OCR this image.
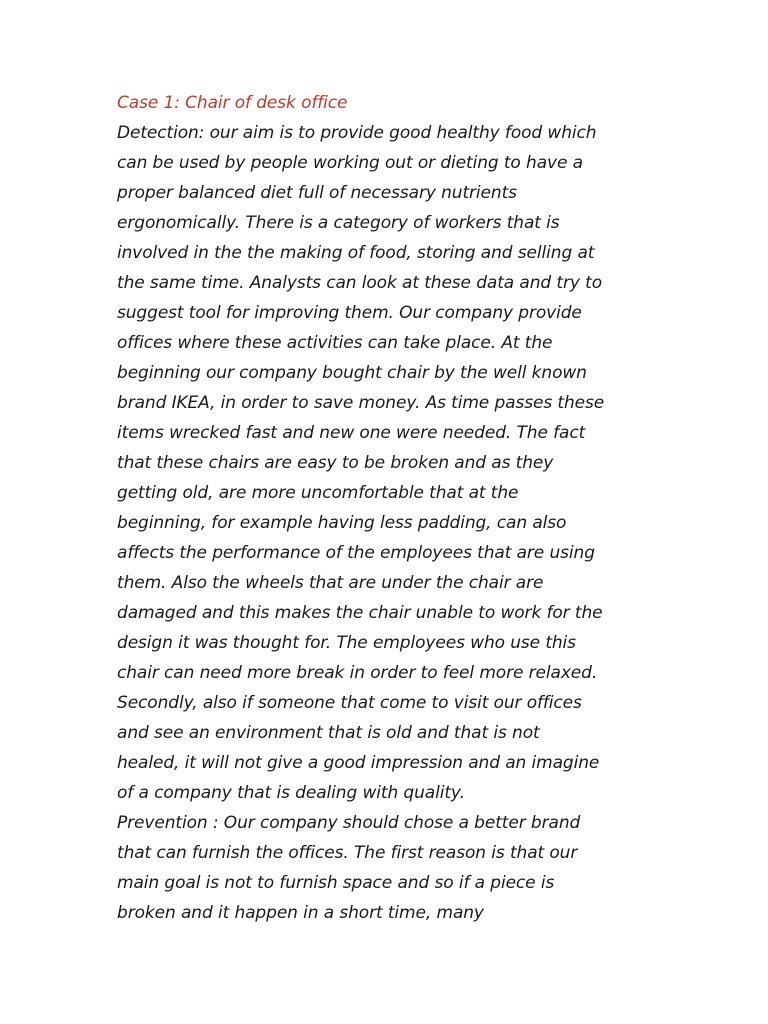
Case 1: Chair of desk office
Detection: our aim is to provide good healthy food which
can be used by people working out or dieting to have a
proper balanced diet full of necessary nutrients
ergonomically. There is a category of workers that is
involved in the the making of food, storing and selling at
the same time. Analysts can look at these data and try to
suggest tool for improving them. Our company provide
offices where these activities can take place. At the
beginning our company bought chair by the well known
brand IKEA, in order to save money. As time passes these
items wrecked fast and new one were needed. The fact
that these chairs are easy to be broken and as they
getting old, are more uncomfortable that at the
beginning, for example having less padding, can also
affects the performance of the employees that are using
them. Also the wheels that are under the chair are
damaged and this makes the chair unable to work for the
design it was thought for. The employees who use this
chair can need more break in order to feel more relaxed.
Secondly, also if someone that come to visit our offices
and see an environment that is old and that is not
healed, it will not give a good impression and an imagine
of a company that is dealing with quality.
Prevention : Our company should chose a better brand
that can furnish the offices. The first reason is that our
main goal is not to furnish space and so if a piece is
broken and it happen in a short time, many
